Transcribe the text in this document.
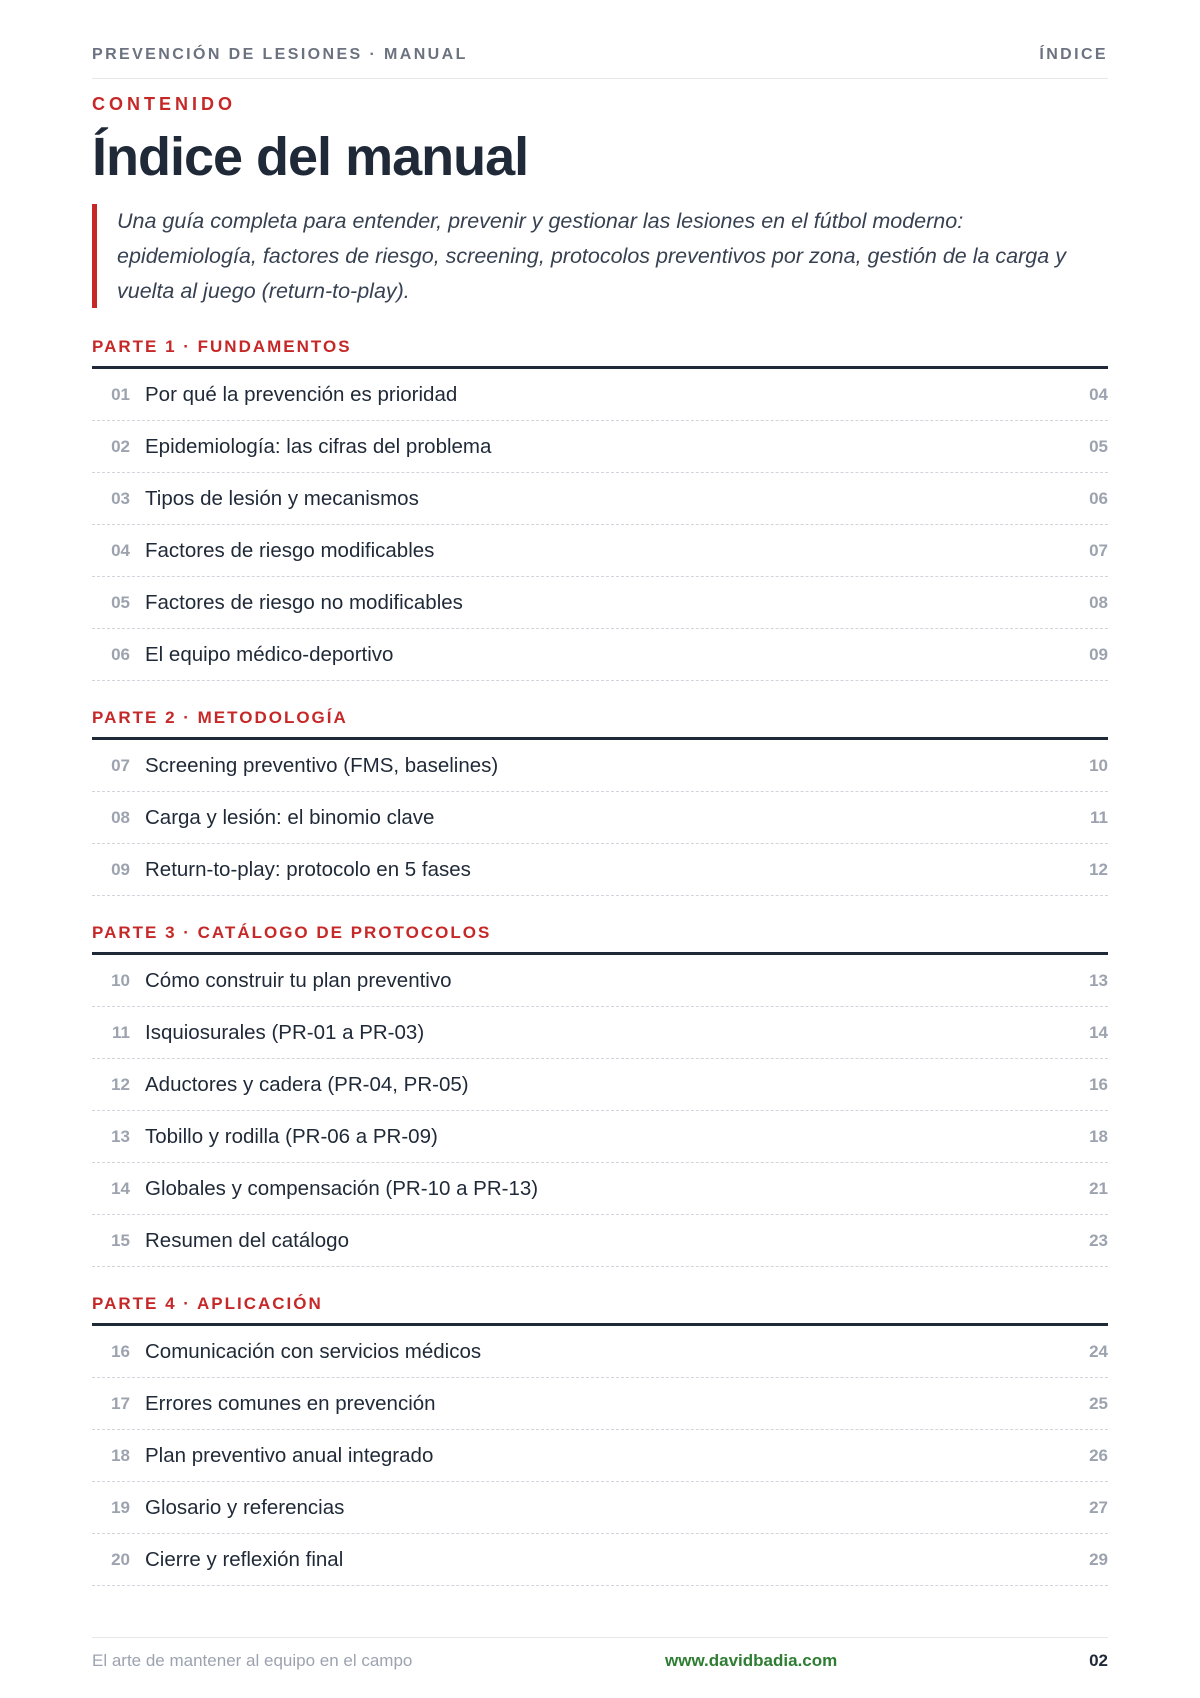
PREVENCIÓN DE LESIONES · MANUAL	ÍNDICE
CONTENIDO
Índice del manual
Una guía completa para entender, prevenir y gestionar las lesiones en el fútbol moderno: epidemiología, factores de riesgo, screening, protocolos preventivos por zona, gestión de la carga y vuelta al juego (return-to-play).
PARTE 1 · FUNDAMENTOS
01 Por qué la prevención es prioridad	04
02 Epidemiología: las cifras del problema	05
03 Tipos de lesión y mecanismos	06
04 Factores de riesgo modificables	07
05 Factores de riesgo no modificables	08
06 El equipo médico-deportivo	09
PARTE 2 · METODOLOGÍA
07 Screening preventivo (FMS, baselines)	10
08 Carga y lesión: el binomio clave	11
09 Return-to-play: protocolo en 5 fases	12
PARTE 3 · CATÁLOGO DE PROTOCOLOS
10 Cómo construir tu plan preventivo	13
11 Isquiosurales (PR-01 a PR-03)	14
12 Aductores y cadera (PR-04, PR-05)	16
13 Tobillo y rodilla (PR-06 a PR-09)	18
14 Globales y compensación (PR-10 a PR-13)	21
15 Resumen del catálogo	23
PARTE 4 · APLICACIÓN
16 Comunicación con servicios médicos	24
17 Errores comunes en prevención	25
18 Plan preventivo anual integrado	26
19 Glosario y referencias	27
20 Cierre y reflexión final	29
El arte de mantener al equipo en el campo	www.davidbadia.com	02
